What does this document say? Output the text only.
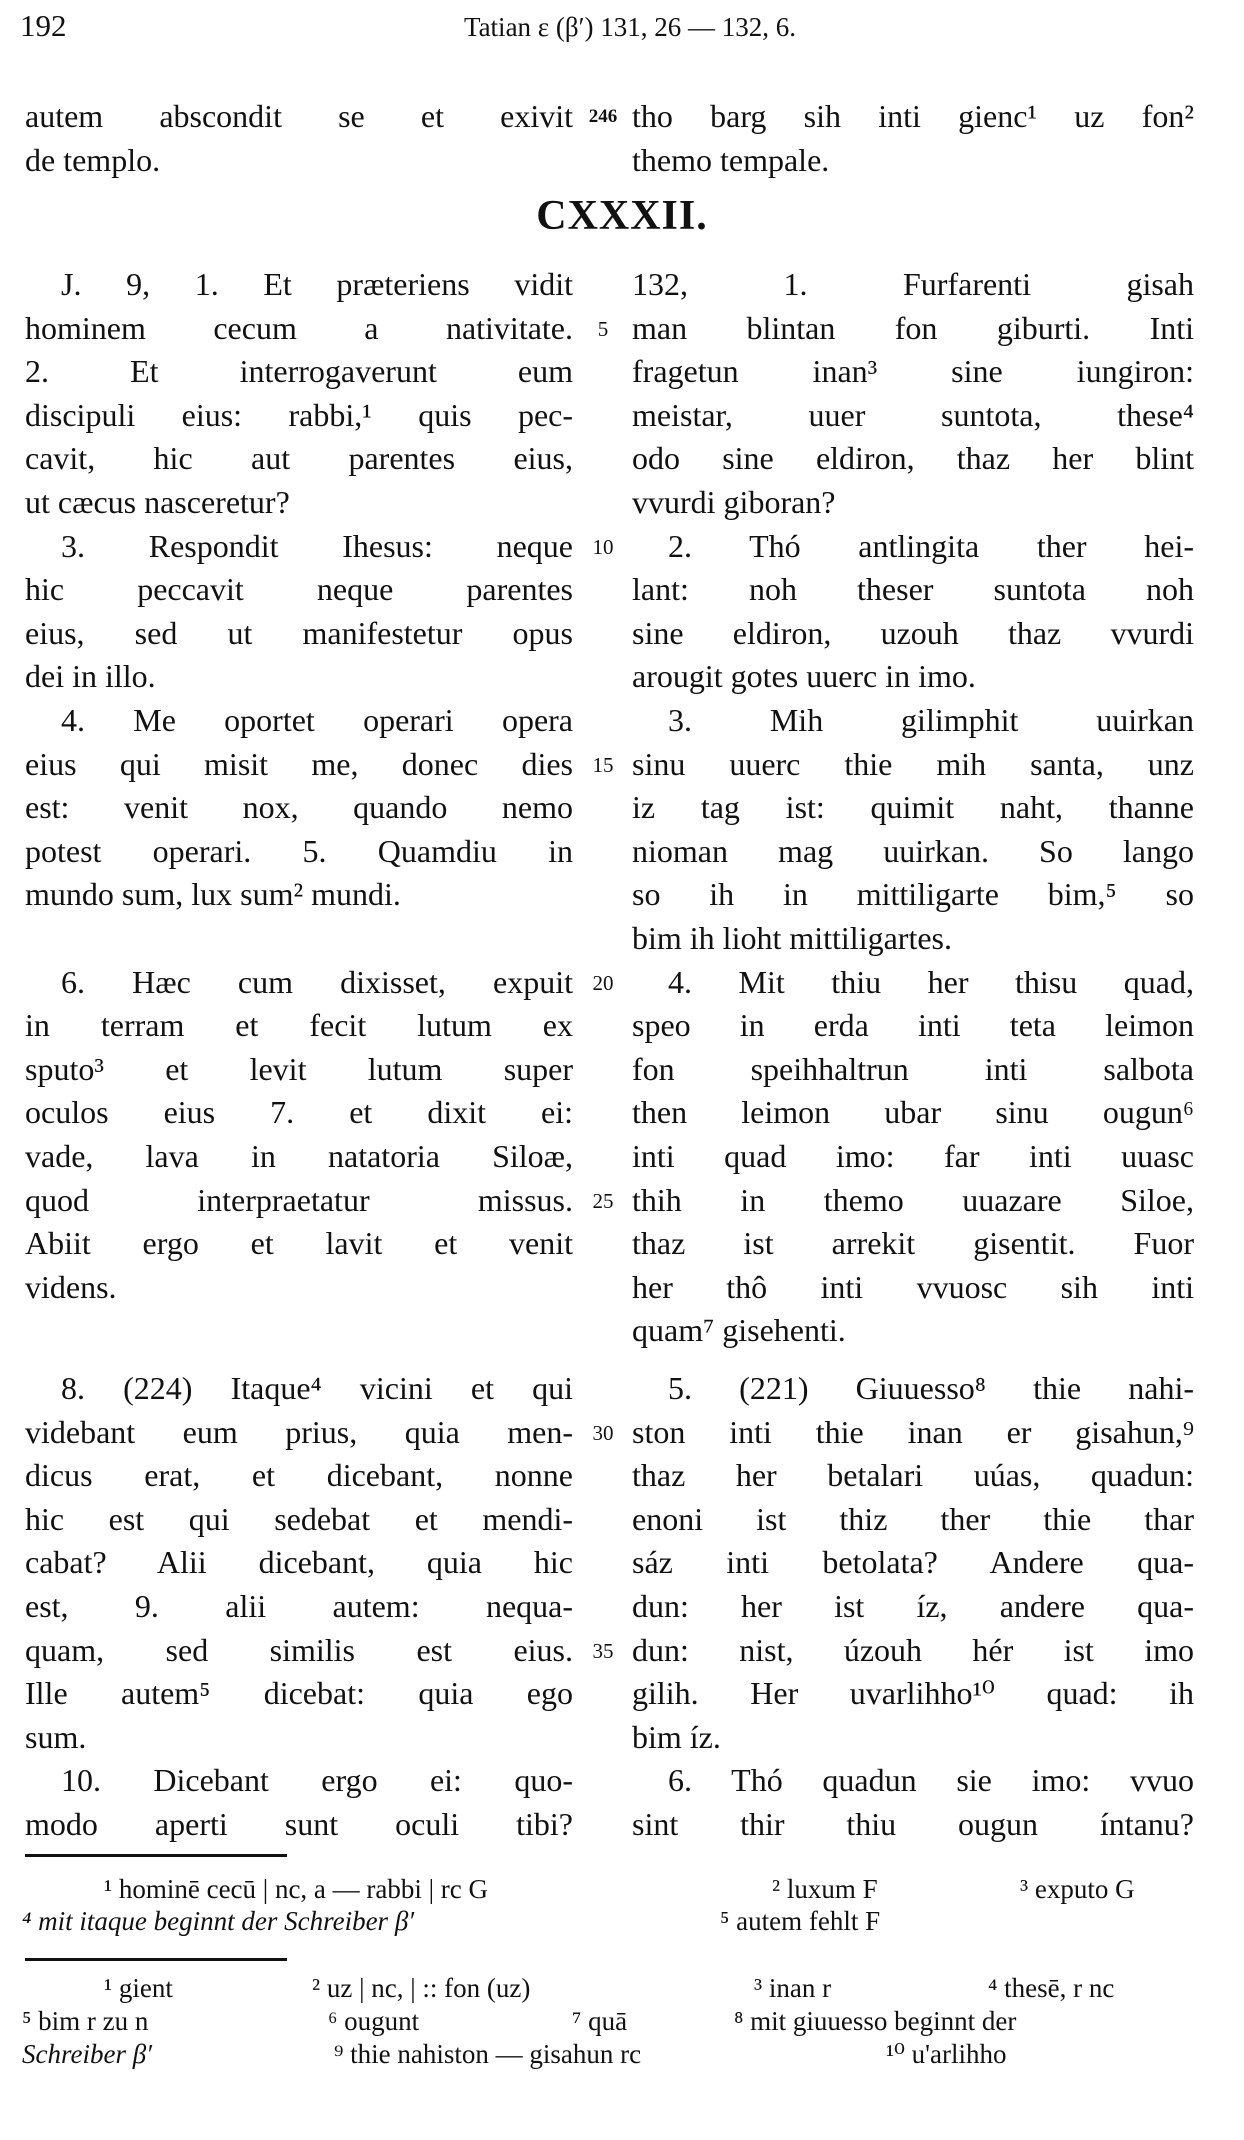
192	Tatian ε (β′) 131, 26 — 132, 6.
autem abscondit se et exivit
de templo.
246 tho barg sih inti gienc¹ uz fon²
themo tempale.
CXXXII.
J. 9, 1. Et præteriens vidit 132, 1. Furfarenti gisah
hominem cecum a nativitate.	5 man blintan fon giburti. Inti
2. Et interrogaverunt eum fragetun inan³ sine iungiron:
discipuli eius: rabbi,¹ quis pec- meistar, uuer suntota, these⁴
cavit, hic aut parentes eius, odo sine eldiron, thaz her blint
ut cæcus nasceretur?	vvurdi giboran?
3. Respondit Ihesus: neque 10	2. Thó antlingita ther hei-
hic peccavit neque parentes lant: noh theser suntota noh
eius, sed ut manifestetur opus sine eldiron, uzouh thaz vvurdi
dei in illo.	arougit gotes uuerc in imo.
4. Me oportet operari opera	3. Mih gilimphit uuirkan
eius qui misit me, donec dies 15 sinu uuerc thie mih santa, unz
est: venit nox, quando nemo iz tag ist: quimit naht, thanne
potest operari. 5. Quamdiu in nioman mag uuirkan. So lango
mundo sum, lux sum² mundi.	so ih in mittiligarte bim,⁵ so
bim ih lioht mittiligartes.
6. Hæc cum dixisset, expuit 20	4. Mit thiu her thisu quad,
in terram et fecit lutum ex speo in erda inti teta leimon
sputo³ et levit lutum super fon speihhaltrun inti salbota
oculos eius 7. et dixit ei: then leimon ubar sinu ougun⁶
vade, lava in natatoria Siloæ, inti quad imo: far inti uuasc
quod interpraetatur missus. 25 thih in themo uuazare Siloe,
Abiit ergo et lavit et venit thaz ist arrekit gisentit. Fuor
videns.	her thô inti vvuosc sih inti
quam⁷ gisehenti.
8. (224) Itaque⁴ vicini et qui	5. (221) Giuuesso⁸ thie nahi-
videbant eum prius, quia men- 30 ston inti thie inan er gisahun,⁹
dicus erat, et dicebant, nonne thaz her betalari uúas, quadun:
hic est qui sedebat et mendi- enoni ist thiz ther thie thar
cabat? Alii dicebant, quia hic sáz inti betolata? Andere qua-
est, 9. alii autem: nequa- dun: her ist íz, andere qua-
quam, sed similis est eius. 35 dun: nist, úzouh hér ist imo
Ille autem⁵ dicebat: quia ego gilih. Her uvarlihho¹⁰ quad: ih
sum.	bim íz.
10. Dicebant ergo ei: quo-	6. Thó quadun sie imo: vvuo
modo aperti sunt oculi tibi? sint thir thiu ougun íntanu?
¹ hominē cecū | nc, a — rabbi | rc G	² luxum F	³ exputo G
⁴ mit itaque beginnt der Schreiber β′	⁵ autem fehlt F
¹ gient	² uz | nc, | :: fon (uz)	³ inan r	⁴ thesē, r nc
⁵ bim r zu n	⁶ ougunt	⁷ quā	⁸ mit giuuesso beginnt der
Schreiber β′	⁹ thie nahiston — gisahun rc	¹⁰ u'arlihho
